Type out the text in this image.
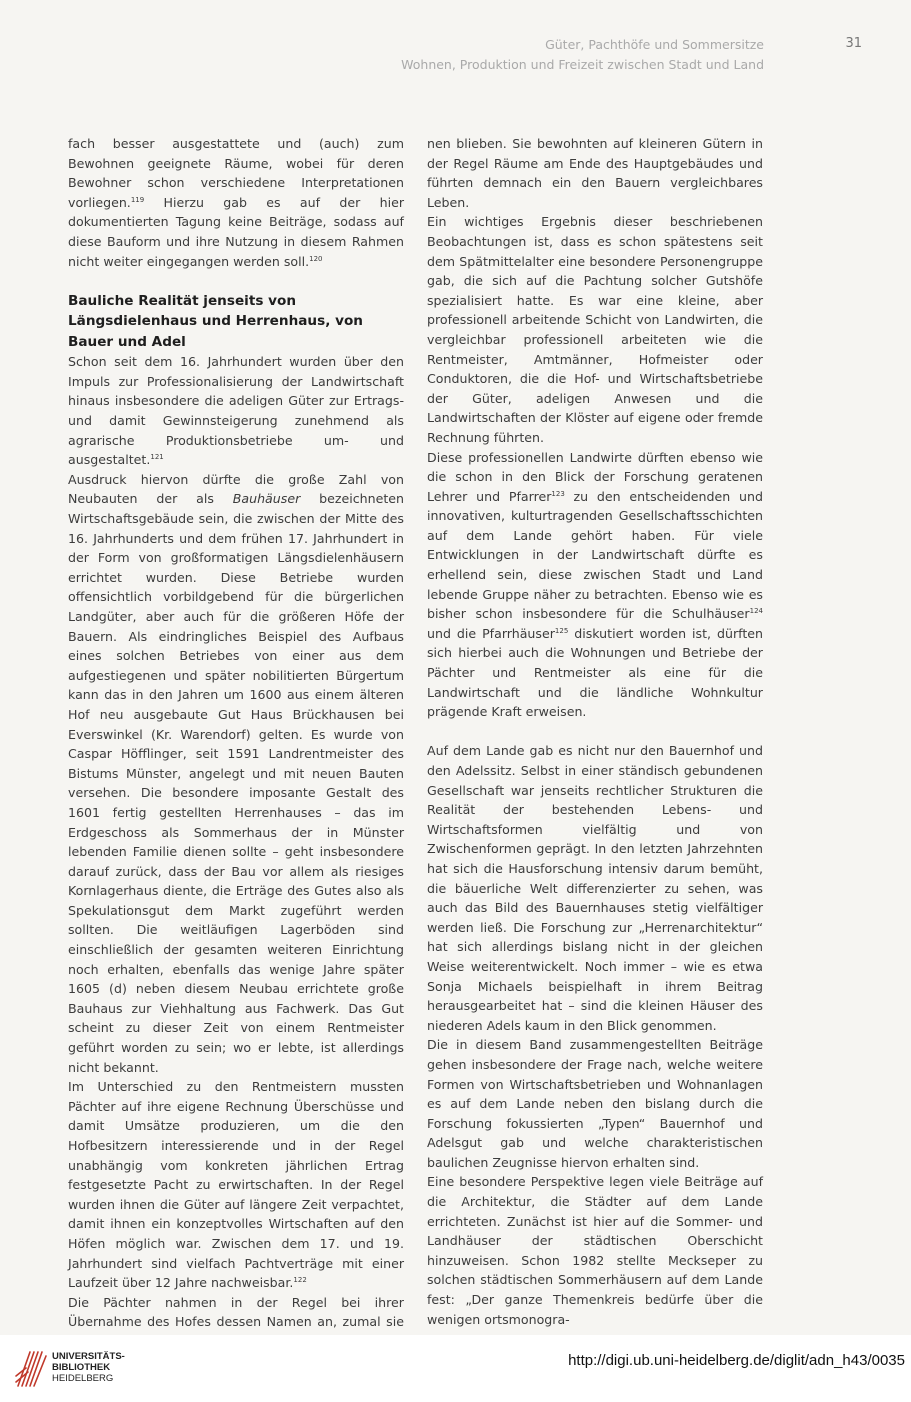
Güter, Pachthöfe und Sommersitze
Wohnen, Produktion und Freizeit zwischen Stadt und Land
31

fach besser ausgestattete und (auch) zum Bewohnen geeignete Räume, wobei für deren Bewohner schon verschiedene Interpretationen vorliegen.$^{119}$ Hierzu gab es auf der hier dokumentierten Tagung keine Beiträge, sodass auf diese Bauform und ihre Nutzung in diesem Rahmen nicht weiter eingegangen werden soll.$^{120}$

Bauliche Realität jenseits von Längsdielenhaus und Herrenhaus, von Bauer und Adel

Schon seit dem 16. Jahrhundert wurden über den Impuls zur Professionalisierung der Landwirtschaft hinaus insbesondere die adeligen Güter zur Ertrags- und damit Gewinnsteigerung zunehmend als agrarische Produktionsbetriebe um- und ausgestaltet.$^{121}$

Ausdruck hiervon dürfte die große Zahl von Neubauten der als Bauhäuser bezeichneten Wirtschaftsgebäude sein, die zwischen der Mitte des 16. Jahrhunderts und dem frühen 17. Jahrhundert in der Form von großformatigen Längsdielenhäusern errichtet wurden. Diese Betriebe wurden offensichtlich vorbildgebend für die bürgerlichen Landgüter, aber auch für die größeren Höfe der Bauern. Als eindringliches Beispiel des Aufbaus eines solchen Betriebes von einer aus dem aufgestiegenen und später nobilitierten Bürgertum kann das in den Jahren um 1600 aus einem älteren Hof neu ausgebaute Gut Haus Brückhausen bei Everswinkel (Kr. Warendorf) gelten. Es wurde von Caspar Höfflinger, seit 1591 Landrentmeister des Bistums Münster, angelegt und mit neuen Bauten versehen. Die besondere imposante Gestalt des 1601 fertig gestellten Herrenhauses – das im Erdgeschoss als Sommerhaus der in Münster lebenden Familie dienen sollte – geht insbesondere darauf zurück, dass der Bau vor allem als riesiges Kornlagerhaus diente, die Erträge des Gutes also als Spekulationsgut dem Markt zugeführt werden sollten. Die weitläufigen Lagerböden sind einschließlich der gesamten weiteren Einrichtung noch erhalten, ebenfalls das wenige Jahre später 1605 (d) neben diesem Neubau errichtete große Bauhaus zur Viehhaltung aus Fachwerk. Das Gut scheint zu dieser Zeit von einem Rentmeister geführt worden zu sein; wo er lebte, ist allerdings nicht bekannt.

Im Unterschied zu den Rentmeistern mussten Pächter auf ihre eigene Rechnung Überschüsse und damit Umsätze produzieren, um die den Hofbesitzern interessierende und in der Regel unabhängig vom konkreten jährlichen Ertrag festgesetzte Pacht zu erwirtschaften. In der Regel wurden ihnen die Güter auf längere Zeit verpachtet, damit ihnen ein konzeptvolles Wirtschaften auf den Höfen möglich war. Zwischen dem 17. und 19. Jahrhundert sind vielfach Pachtverträge mit einer Laufzeit über 12 Jahre nachweisbar.$^{122}$

Die Pächter nahmen in der Regel bei ihrer Übernahme des Hofes dessen Namen an, zumal sie

nen blieben. Sie bewohnten auf kleineren Gütern in der Regel Räume am Ende des Hauptgebäudes und führten demnach ein den Bauern vergleichbares Leben.

Ein wichtiges Ergebnis dieser beschriebenen Beobachtungen ist, dass es schon spätestens seit dem Spätmittelalter eine besondere Personengruppe gab, die sich auf die Pachtung solcher Gutshöfe spezialisiert hatte. Es war eine kleine, aber professionell arbeitende Schicht von Landwirten, die vergleichbar professionell arbeiteten wie die Rentmeister, Amtmänner, Hofmeister oder Conduktoren, die die Hof- und Wirtschaftsbetriebe der Güter, adeligen Anwesen und die Landwirtschaften der Klöster auf eigene oder fremde Rechnung führten.

Diese professionellen Landwirte dürften ebenso wie die schon in den Blick der Forschung geratenen Lehrer und Pfarrer$^{123}$ zu den entscheidenden und innovativen, kulturtragenden Gesellschaftsschichten auf dem Lande gehört haben. Für viele Entwicklungen in der Landwirtschaft dürfte es erhellend sein, diese zwischen Stadt und Land lebende Gruppe näher zu betrachten. Ebenso wie es bisher schon insbesondere für die Schulhäuser$^{124}$ und die Pfarrhäuser$^{125}$ diskutiert worden ist, dürften sich hierbei auch die Wohnungen und Betriebe der Pächter und Rentmeister als eine für die Landwirtschaft und die ländliche Wohnkultur prägende Kraft erweisen.

Auf dem Lande gab es nicht nur den Bauernhof und den Adelssitz. Selbst in einer ständisch gebundenen Gesellschaft war jenseits rechtlicher Strukturen die Realität der bestehenden Lebens- und Wirtschaftsformen vielfältig und von Zwischenformen geprägt. In den letzten Jahrzehnten hat sich die Hausforschung intensiv darum bemüht, die bäuerliche Welt differenzierter zu sehen, was auch das Bild des Bauernhauses stetig vielfältiger werden ließ. Die Forschung zur „Herrenarchitektur“ hat sich allerdings bislang nicht in der gleichen Weise weiterentwickelt. Noch immer – wie es etwa Sonja Michaels beispielhaft in ihrem Beitrag herausgearbeitet hat – sind die kleinen Häuser des niederen Adels kaum in den Blick genommen.

Die in diesem Band zusammengestellten Beiträge gehen insbesondere der Frage nach, welche weitere Formen von Wirtschaftsbetrieben und Wohnanlagen es auf dem Lande neben den bislang durch die Forschung fokussierten „Typen“ Bauernhof und Adelsgut gab und welche charakteristischen baulichen Zeugnisse hiervon erhalten sind.

Eine besondere Perspektive legen viele Beiträge auf die Architektur, die Städter auf dem Lande errichteten. Zunächst ist hier auf die Sommer- und Landhäuser der städtischen Oberschicht hinzuweisen. Schon 1982 stellte Meckseper zu solchen städtischen Sommerhäusern auf dem Lande fest: „Der ganze Themenkreis bedürfe über die wenigen ortsmonogra-

UNIVERSITÄTS-
BIBLIOTHEK
HEIDELBERG
http://digi.ub.uni-heidelberg.de/diglit/adn_h43/0035
